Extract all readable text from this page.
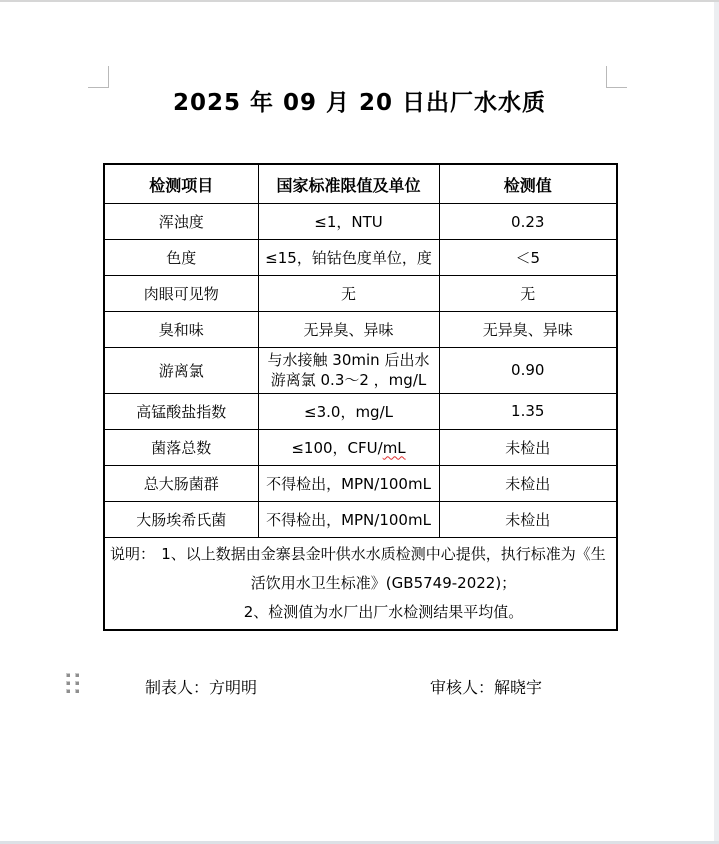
2025 年 09 月 20 日出厂水水质
检测项目	国家标准限值及单位	检测值
浑浊度	≤1，NTU	0.23
色度	≤15，铂钴色度单位，度	＜5
肉眼可见物	无	无
臭和味	无异臭、异味	无异臭、异味
游离氯	与水接触 30min 后出水游离氯 0.3～2 ，mg/L	0.90
高锰酸盐指数	≤3.0，mg/L	1.35
菌落总数	≤100，CFU/mL	未检出
总大肠菌群	不得检出，MPN/100mL	未检出
大肠埃希氏菌	不得检出，MPN/100mL	未检出

说明： 1、以上数据由金寨县金叶供水水质检测中心提供，执行标准为《生活饮用水卫生标准》(GB5749-2022)；
2、检测值为水厂出厂水检测结果平均值。		
制表人：方明明	审核人：解晓宇
